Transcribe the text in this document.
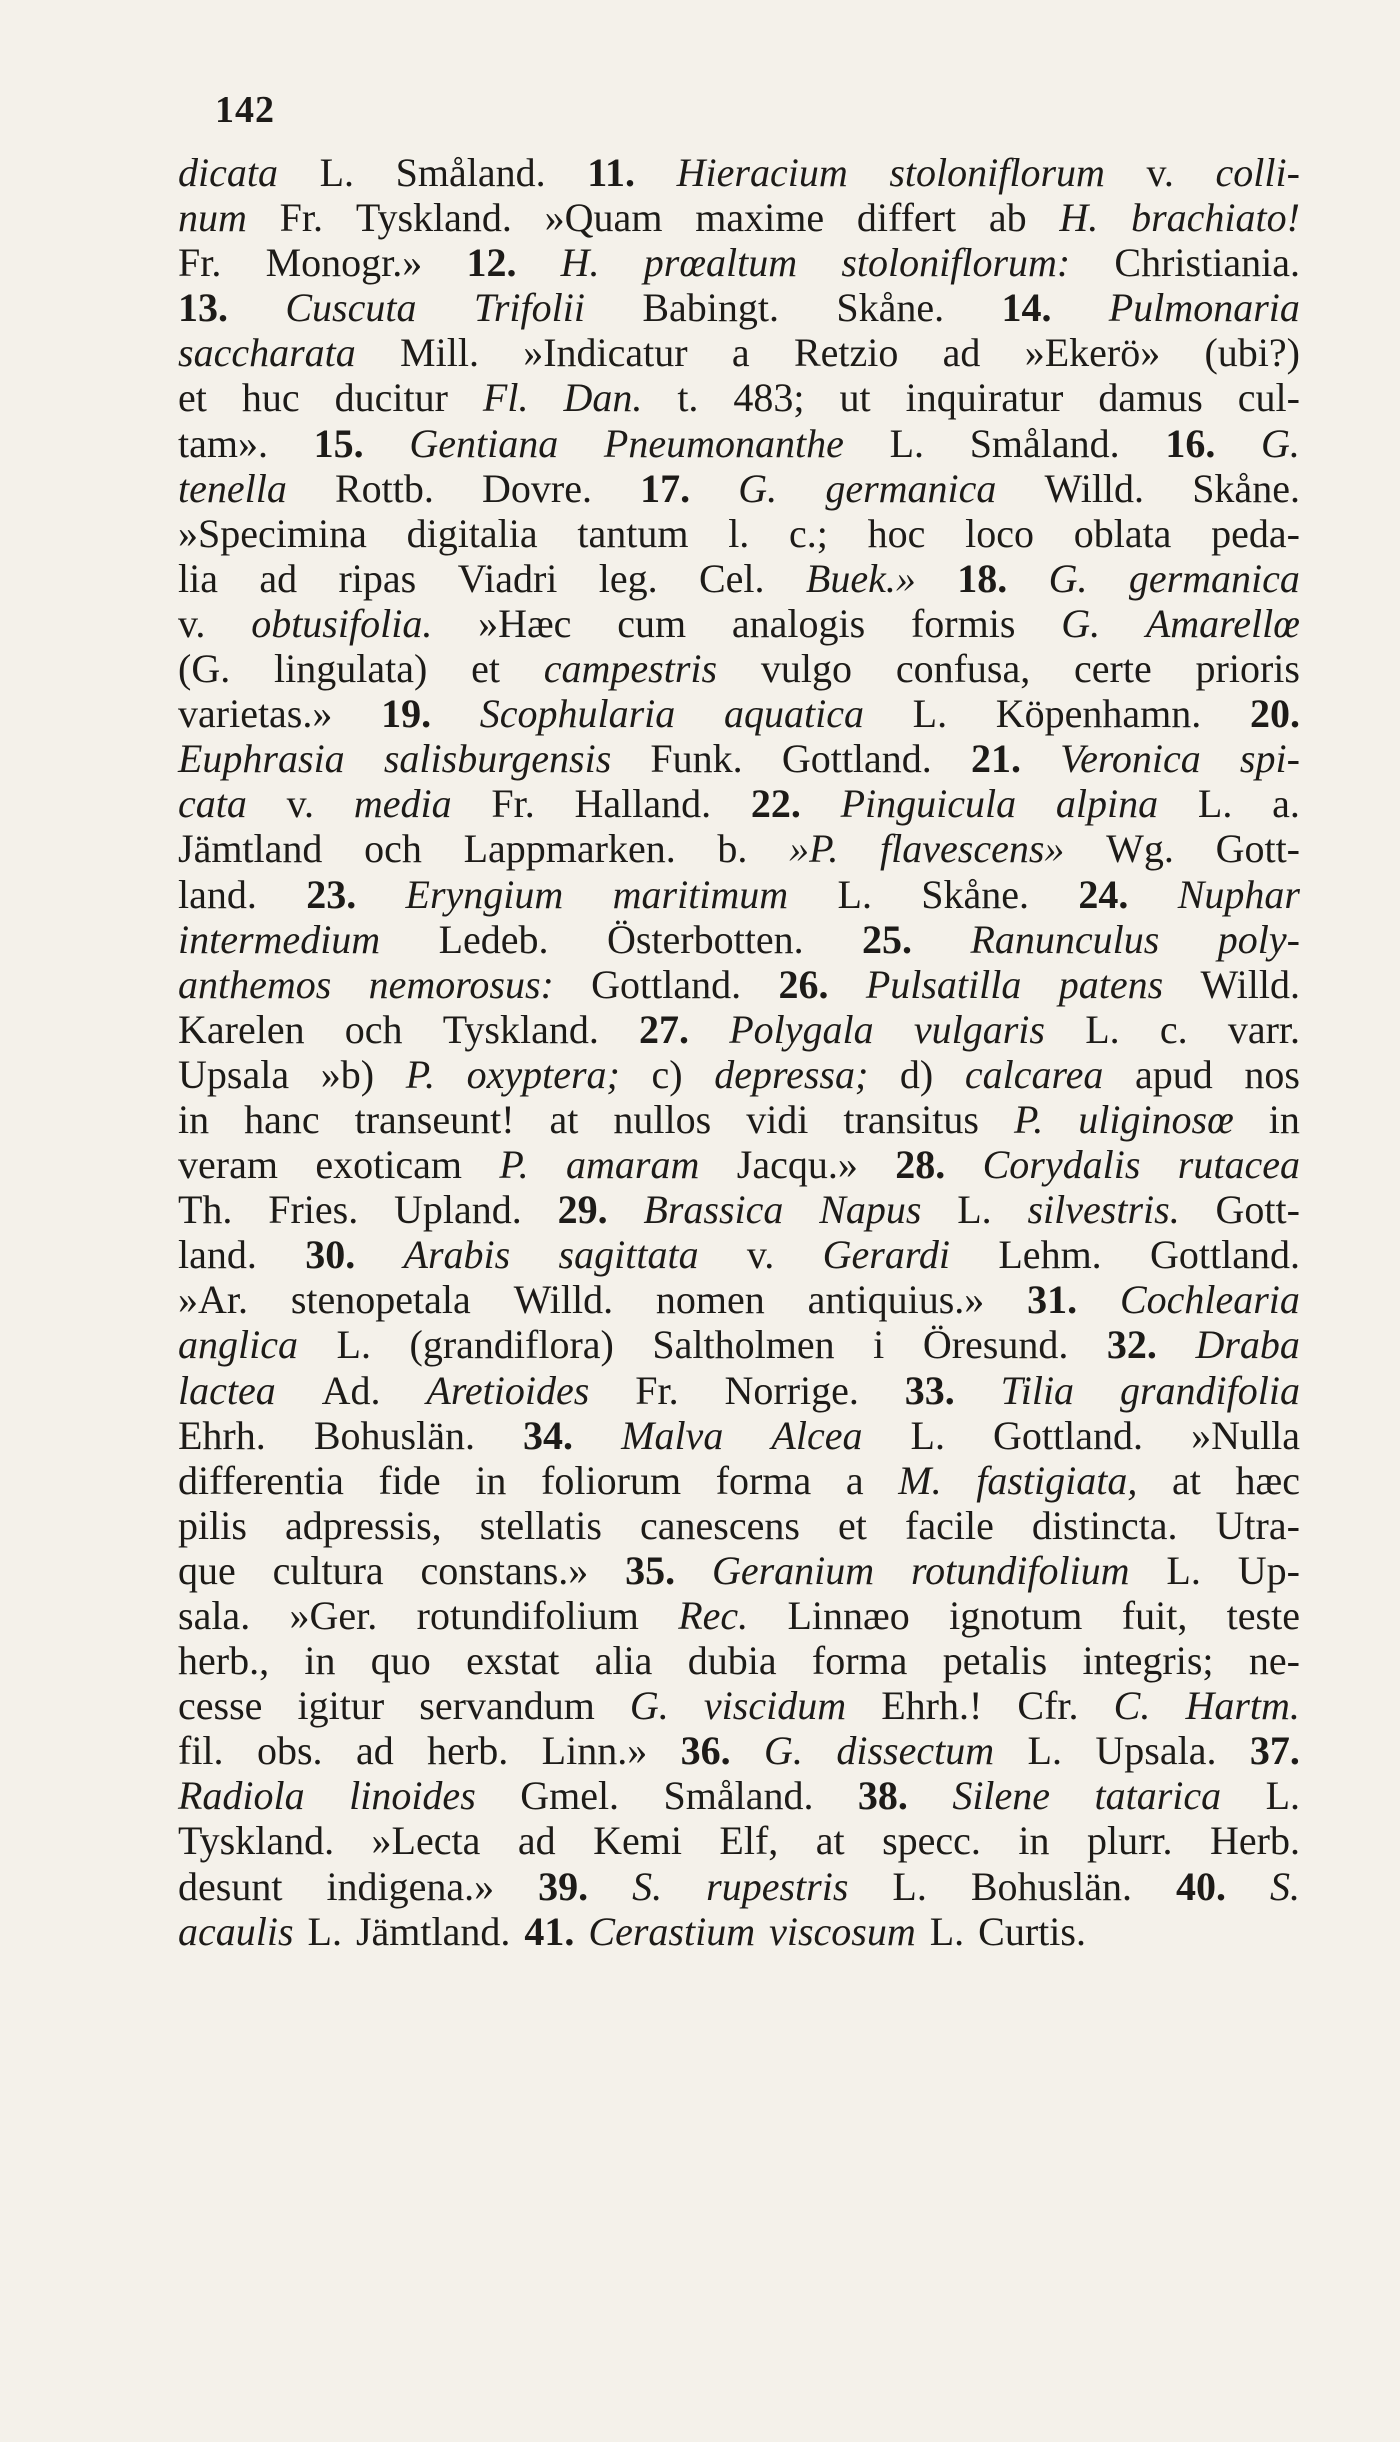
142
dicata L. Småland. 11. Hieracium stoloniflorum v. colli-
num Fr. Tyskland. »Quam maxime differt ab H. brachiato!
Fr. Monogr.» 12. H. prœaltum stoloniflorum: Christiania.
13. Cuscuta Trifolii Babingt. Skåne. 14. Pulmonaria
saccharata Mill. »Indicatur a Retzio ad »Ekerö» (ubi?)
et huc ducitur Fl. Dan. t. 483; ut inquiratur damus cul-
tam». 15. Gentiana Pneumonanthe L. Småland. 16. G.
tenella Rottb. Dovre. 17. G. germanica Willd. Skåne.
»Specimina digitalia tantum l. c.; hoc loco oblata peda-
lia ad ripas Viadri leg. Cel. Buek.» 18. G. germanica
v. obtusifolia. »Hæc cum analogis formis G. Amarellœ
(G. lingulata) et campestris vulgo confusa, certe prioris
varietas.» 19. Scophularia aquatica L. Köpenhamn. 20.
Euphrasia salisburgensis Funk. Gottland. 21. Veronica spi-
cata v. media Fr. Halland. 22. Pinguicula alpina L. a.
Jämtland och Lappmarken. b. »P. flavescens» Wg. Gott-
land. 23. Eryngium maritimum L. Skåne. 24. Nuphar
intermedium Ledeb. Österbotten. 25. Ranunculus poly-
anthemos nemorosus: Gottland. 26. Pulsatilla patens Willd.
Karelen och Tyskland. 27. Polygala vulgaris L. c. varr.
Upsala »b) P. oxyptera; c) depressa; d) calcarea apud nos
in hanc transeunt! at nullos vidi transitus P. uliginosœ in
veram exoticam P. amaram Jacqu.» 28. Corydalis rutacea
Th. Fries. Upland. 29. Brassica Napus L. silvestris. Gott-
land. 30. Arabis sagittata v. Gerardi Lehm. Gottland.
»Ar. stenopetala Willd. nomen antiquius.» 31. Cochlearia
anglica L. (grandiflora) Saltholmen i Öresund. 32. Draba
lactea Ad. Aretioides Fr. Norrige. 33. Tilia grandifolia
Ehrh. Bohuslän. 34. Malva Alcea L. Gottland. »Nulla
differentia fide in foliorum forma a M. fastigiata, at hæc
pilis adpressis, stellatis canescens et facile distincta. Utra-
que cultura constans.» 35. Geranium rotundifolium L. Up-
sala. »Ger. rotundifolium Rec. Linnæo ignotum fuit, teste
herb., in quo exstat alia dubia forma petalis integris; ne-
cesse igitur servandum G. viscidum Ehrh.! Cfr. C. Hartm.
fil. obs. ad herb. Linn.» 36. G. dissectum L. Upsala. 37.
Radiola linoides Gmel. Småland. 38. Silene tatarica L.
Tyskland. »Lecta ad Kemi Elf, at specc. in plurr. Herb.
desunt indigena.» 39. S. rupestris L. Bohuslän. 40. S.
acaulis L. Jämtland. 41. Cerastium viscosum L. Curtis.
